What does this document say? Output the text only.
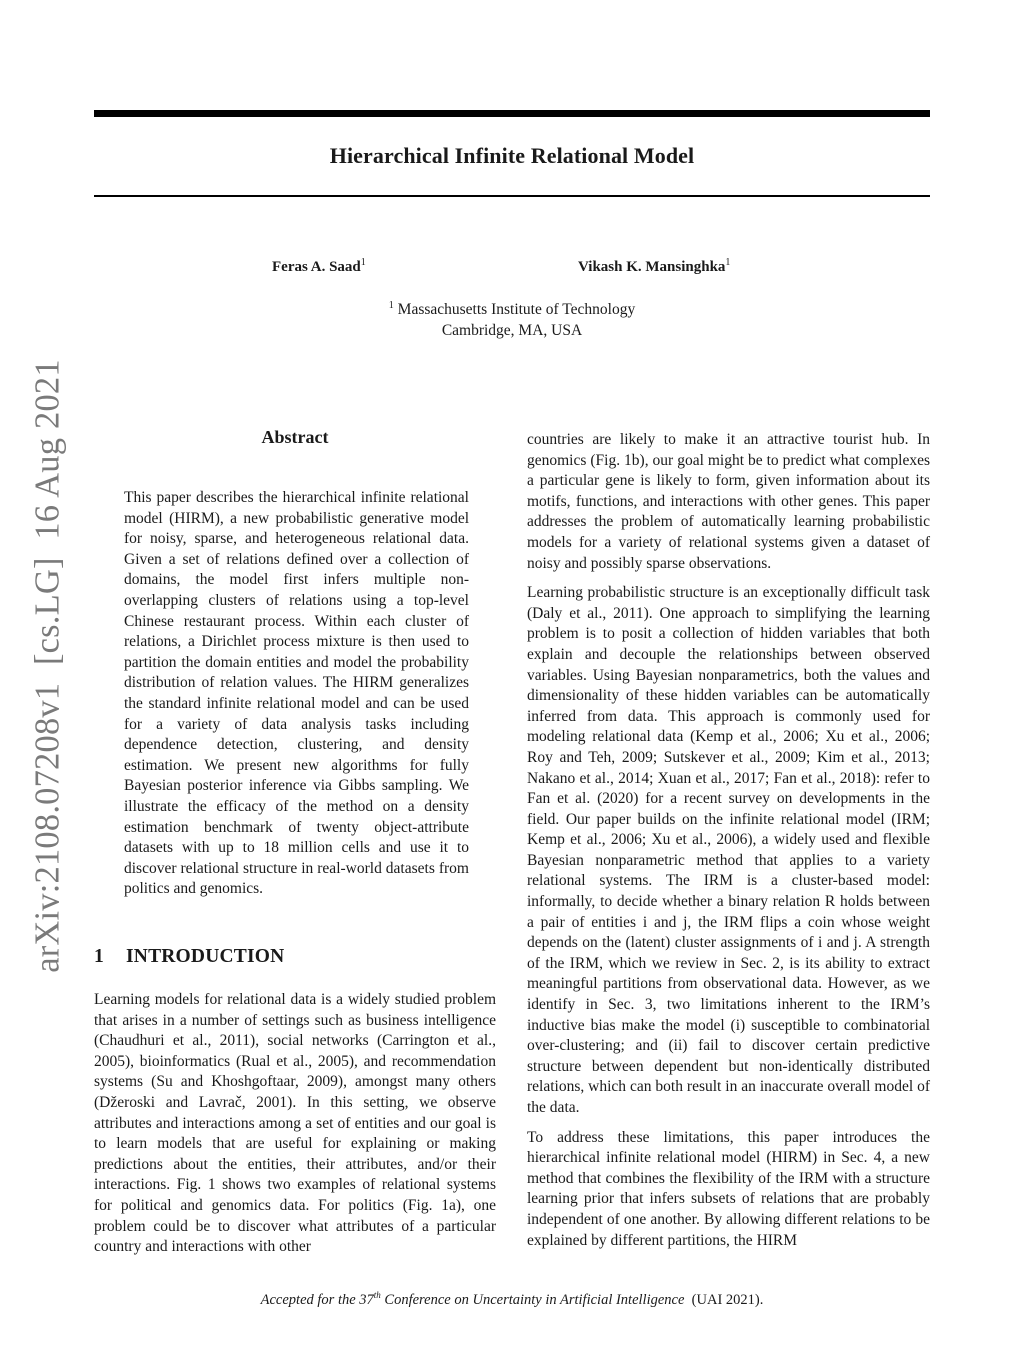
Hierarchical Infinite Relational Model
Feras A. Saad$^1$	Vikash K. Mansinghka$^1$
$^1$ Massachusetts Institute of Technology
Cambridge, MA, USA
arXiv:2108.07208v1  [cs.LG]  16 Aug 2021	Abstract

This paper describes the hierarchical infinite relational model (HIRM), a new probabilistic generative model for noisy, sparse, and heterogeneous relational data. Given a set of relations defined over a collection of domains, the model first infers multiple non-overlapping clusters of relations using a top-level Chinese restaurant process. Within each cluster of relations, a Dirichlet process mixture is then used to partition the domain entities and model the probability distribution of relation values. The HIRM generalizes the standard infinite relational model and can be used for a variety of data analysis tasks including dependence detection, clustering, and density estimation. We present new algorithms for fully Bayesian posterior inference via Gibbs sampling. We illustrate the efficacy of the method on a density estimation benchmark of twenty object-attribute datasets with up to 18 million cells and use it to discover relational structure in real-world datasets from politics and genomics.

1 INTRODUCTION

Learning models for relational data is a widely studied problem that arises in a number of settings such as business intelligence (Chaudhuri et al., 2011), social networks (Carrington et al., 2005), bioinformatics (Rual et al., 2005), and recommendation systems (Su and Khoshgoftaar, 2009), amongst many others (Džeroski and Lavrač, 2001). In this setting, we observe attributes and interactions among a set of entities and our goal is to learn models that are useful for explaining or making predictions about the entities, their attributes, and/or their interactions. Fig. 1 shows two examples of relational systems for political and genomics data. For politics (Fig. 1a), one problem could be to discover what attributes of a particular country and interactions with other

countries are likely to make it an attractive tourist hub. In genomics (Fig. 1b), our goal might be to predict what complexes a particular gene is likely to form, given information about its motifs, functions, and interactions with other genes. This paper addresses the problem of automatically learning probabilistic models for a variety of relational systems given a dataset of noisy and possibly sparse observations.

Learning probabilistic structure is an exceptionally difficult task (Daly et al., 2011). One approach to simplifying the learning problem is to posit a collection of hidden variables that both explain and decouple the relationships between observed variables. Using Bayesian nonparametrics, both the values and dimensionality of these hidden variables can be automatically inferred from data. This approach is commonly used for modeling relational data (Kemp et al., 2006; Xu et al., 2006; Roy and Teh, 2009; Sutskever et al., 2009; Kim et al., 2013; Nakano et al., 2014; Xuan et al., 2017; Fan et al., 2018): refer to Fan et al. (2020) for a recent survey on developments in the field. Our paper builds on the infinite relational model (IRM; Kemp et al., 2006; Xu et al., 2006), a widely used and flexible Bayesian nonparametric method that applies to a variety relational systems. The IRM is a cluster-based model: informally, to decide whether a binary relation R holds between a pair of entities i and j, the IRM flips a coin whose weight depends on the (latent) cluster assignments of i and j. A strength of the IRM, which we review in Sec. 2, is its ability to extract meaningful partitions from observational data. However, as we identify in Sec. 3, two limitations inherent to the IRM’s inductive bias make the model (i) susceptible to combinatorial over-clustering; and (ii) fail to discover certain predictive structure between dependent but non-identically distributed relations, which can both result in an inaccurate overall model of the data.

To address these limitations, this paper introduces the hierarchical infinite relational model (HIRM) in Sec. 4, a new method that combines the flexibility of the IRM with a structure learning prior that infers subsets of relations that are probably independent of one another. By allowing different relations to be explained by different partitions, the HIRM

Accepted for the 37th Conference on Uncertainty in Artificial Intelligence (UAI 2021).
